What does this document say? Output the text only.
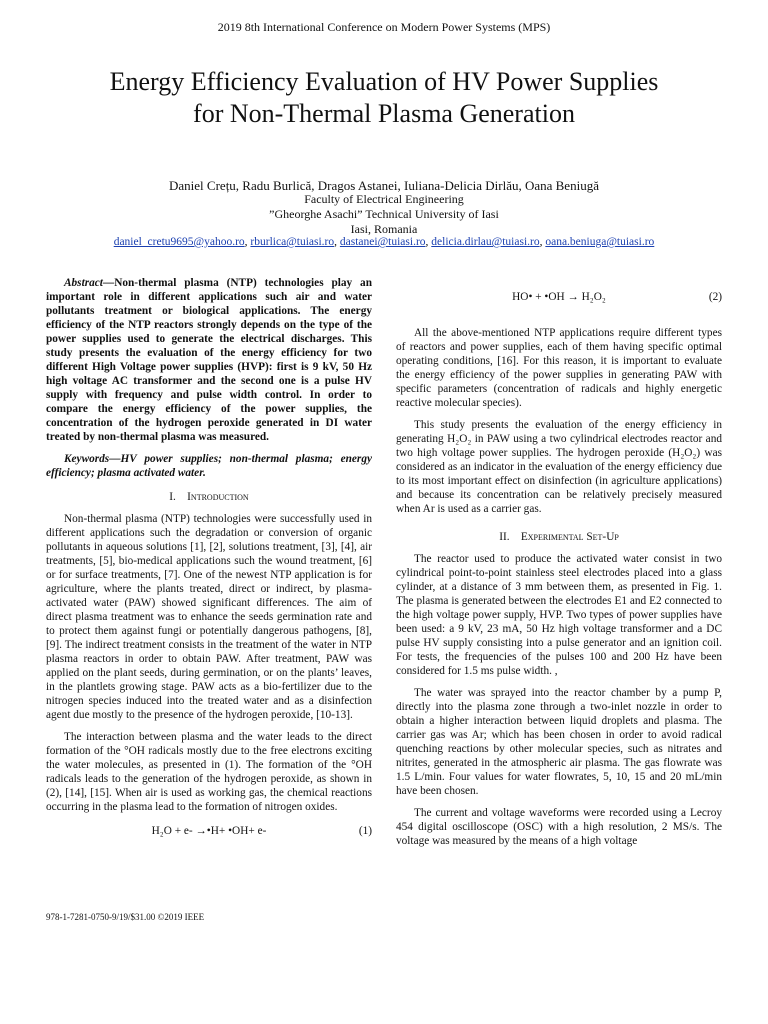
2019 8th International Conference on Modern Power Systems (MPS)
Energy Efficiency Evaluation of HV Power Supplies
for Non-Thermal Plasma Generation
Daniel Crețu, Radu Burlică, Dragos Astanei, Iuliana-Delicia Dirlău, Oana Beniugă
Faculty of Electrical Engineering
”Gheorghe Asachi” Technical University of Iasi
Iasi, Romania
daniel_cretu9695@yahoo.ro, rburlica@tuiasi.ro, dastanei@tuiasi.ro, delicia.dirlau@tuiasi.ro, oana.beniuga@tuiasi.ro
Abstract—Non-thermal plasma (NTP) technologies play an important role in different applications such air and water pollutants treatment or biological applications. The energy efficiency of the NTP reactors strongly depends on the type of the power supplies used to generate the electrical discharges. This study presents the evaluation of the energy efficiency for two different High Voltage power supplies (HVP): first is 9 kV, 50 Hz high voltage AC transformer and the second one is a pulse HV supply with frequency and pulse width control. In order to compare the energy efficiency of the power supplies, the concentration of the hydrogen peroxide generated in DI water treated by non-thermal plasma was measured.
Keywords—HV power supplies; non-thermal plasma; energy efficiency; plasma activated water.
I. Introduction

Non-thermal plasma (NTP) technologies were successfully used in different applications such the degradation or conversion of organic pollutants in aqueous solutions [1], [2], solutions treatment, [3], [4], air treatments, [5], bio-medical applications such the wound treatment, [6] or for surface treatments, [7]. One of the newest NTP application is for agriculture, where the plants treated, direct or indirect, by plasma-activated water (PAW) showed significant differences. The aim of direct plasma treatment was to enhance the seeds germination rate and to protect them against fungi or potentially dangerous pathogens, [8], [9]. The indirect treatment consists in the treatment of the water in NTP plasma reactors in order to obtain PAW. After treatment, PAW was applied on the plant seeds, during germination, or on the plants’ leaves, in the plantlets growing stage. PAW acts as a bio-fertilizer due to the nitrogen species induced into the treated water and as a disinfection agent due mostly to the presence of the hydrogen peroxide, [10-13].

The interaction between plasma and the water leads to the direct formation of the °OH radicals mostly due to the free electrons exciting the water molecules, as presented in (1). The formation of the °OH radicals leads to the generation of the hydrogen peroxide, as shown in (2), [14], [15]. When air is used as working gas, the chemical reactions occurring in the plasma lead to the formation of nitrogen oxides.

H₂O + e- →•H+ •OH+ e-	(1)
HO• + •OH → H₂O₂	(2)

All the above-mentioned NTP applications require different types of reactors and power supplies, each of them having specific optimal operating conditions, [16]. For this reason, it is important to evaluate the energy efficiency of the power supplies in generating PAW with specific parameters (concentration of radicals and highly energetic reactive molecular species).

This study presents the evaluation of the energy efficiency in generating H₂O₂ in PAW using a two cylindrical electrodes reactor and two high voltage power supplies. The hydrogen peroxide (H₂O₂) was considered as an indicator in the evaluation of the energy efficiency due to its most important effect on disinfection (in agriculture applications) and because its concentration can be relatively precisely measured when Ar is used as a carrier gas.

II. Experimental Set-Up

The reactor used to produce the activated water consist in two cylindrical point-to-point stainless steel electrodes placed into a glass cylinder, at a distance of 3 mm between them, as presented in Fig. 1. The plasma is generated between the electrodes E1 and E2 connected to the high voltage power supply, HVP. Two types of power supplies have been used: a 9 kV, 23 mA, 50 Hz high voltage transformer and a DC pulse HV supply consisting into a pulse generator and an ignition coil. For tests, the frequencies of the pulses 100 and 200 Hz have been considered for 1.5 ms pulse width. ,

The water was sprayed into the reactor chamber by a pump P, directly into the plasma zone through a two-inlet nozzle in order to obtain a higher interaction between liquid droplets and plasma. The carrier gas was Ar; which has been chosen in order to avoid radical quenching reactions by other molecular species, such as nitrates and nitrites, generated in the atmospheric air plasma. The gas flowrate was 1.5 L/min. Four values for water flowrates, 5, 10, 15 and 20 mL/min have been chosen.

The current and voltage waveforms were recorded using a Lecroy 454 digital oscilloscope (OSC) with a high resolution, 2 MS/s. The voltage was measured by the means of a high voltage

978-1-7281-0750-9/19/$31.00 ©2019 IEEE
